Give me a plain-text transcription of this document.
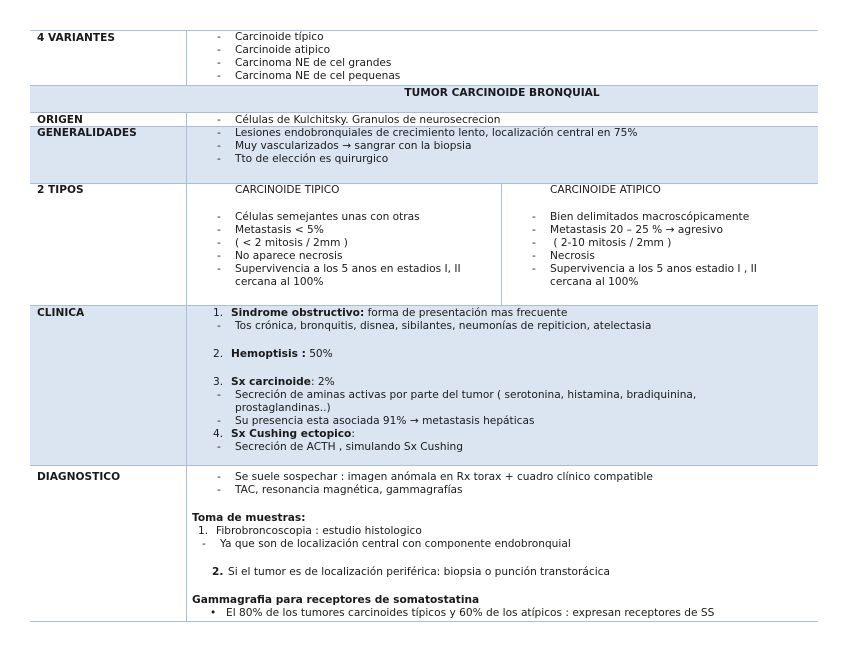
4 VARIANTES	- Carcinoide típico
- Carcinoide atipico
- Carcinoma NE de cel grandes
- Carcinoma NE de cel pequenas
TUMOR CARCINOIDE BRONQUIAL
ORIGEN	- Células de Kulchitsky. Granulos de neurosecrecion
GENERALIDADES	- Lesiones endobronquiales de crecimiento lento, localización central en 75%
- Muy vascularizados → sangrar con la biopsia
- Tto de elección es quirurgico
2 TIPOS	CARCINOIDE TIPICO
- Células semejantes unas con otras
- Metastasis < 5%
- ( < 2 mitosis / 2mm )
- No aparece necrosis
- Supervivencia a los 5 anos en estadios I, II
cercana al 100%
CARCINOIDE ATIPICO
- Bien delimitados macroscópicamente
- Metastasis 20 – 25 % → agresivo
-  ( 2-10 mitosis / 2mm )
- Necrosis
- Supervivencia a los 5 anos estadio I , II
cercana al 100%
CLINICA	1. Sindrome obstructivo: forma de presentación mas frecuente
- Tos crónica, bronquitis, disnea, sibilantes, neumonías de repiticion, atelectasia
2. Hemoptisis : 50%
3. Sx carcinoide: 2%
- Secreción de aminas activas por parte del tumor ( serotonina, histamina, bradiquinina,
prostaglandinas..)
- Su presencia esta asociada 91% → metastasis hepáticas
4. Sx Cushing ectopico:
- Secreción de ACTH , simulando Sx Cushing
DIAGNOSTICO	- Se suele sospechar : imagen anómala en Rx torax + cuadro clínico compatible
- TAC, resonancia magnética, gammagrafías
Toma de muestras:
1. Fibrobroncoscopia : estudio histologico
- Ya que son de localización central con componente endobronquial
2. Si el tumor es de localización periférica: biopsia o punción transtorácica
Gammagrafia para receptores de somatostatina
• El 80% de los tumores carcinoides típicos y 60% de los atípicos : expresan receptores de SS
